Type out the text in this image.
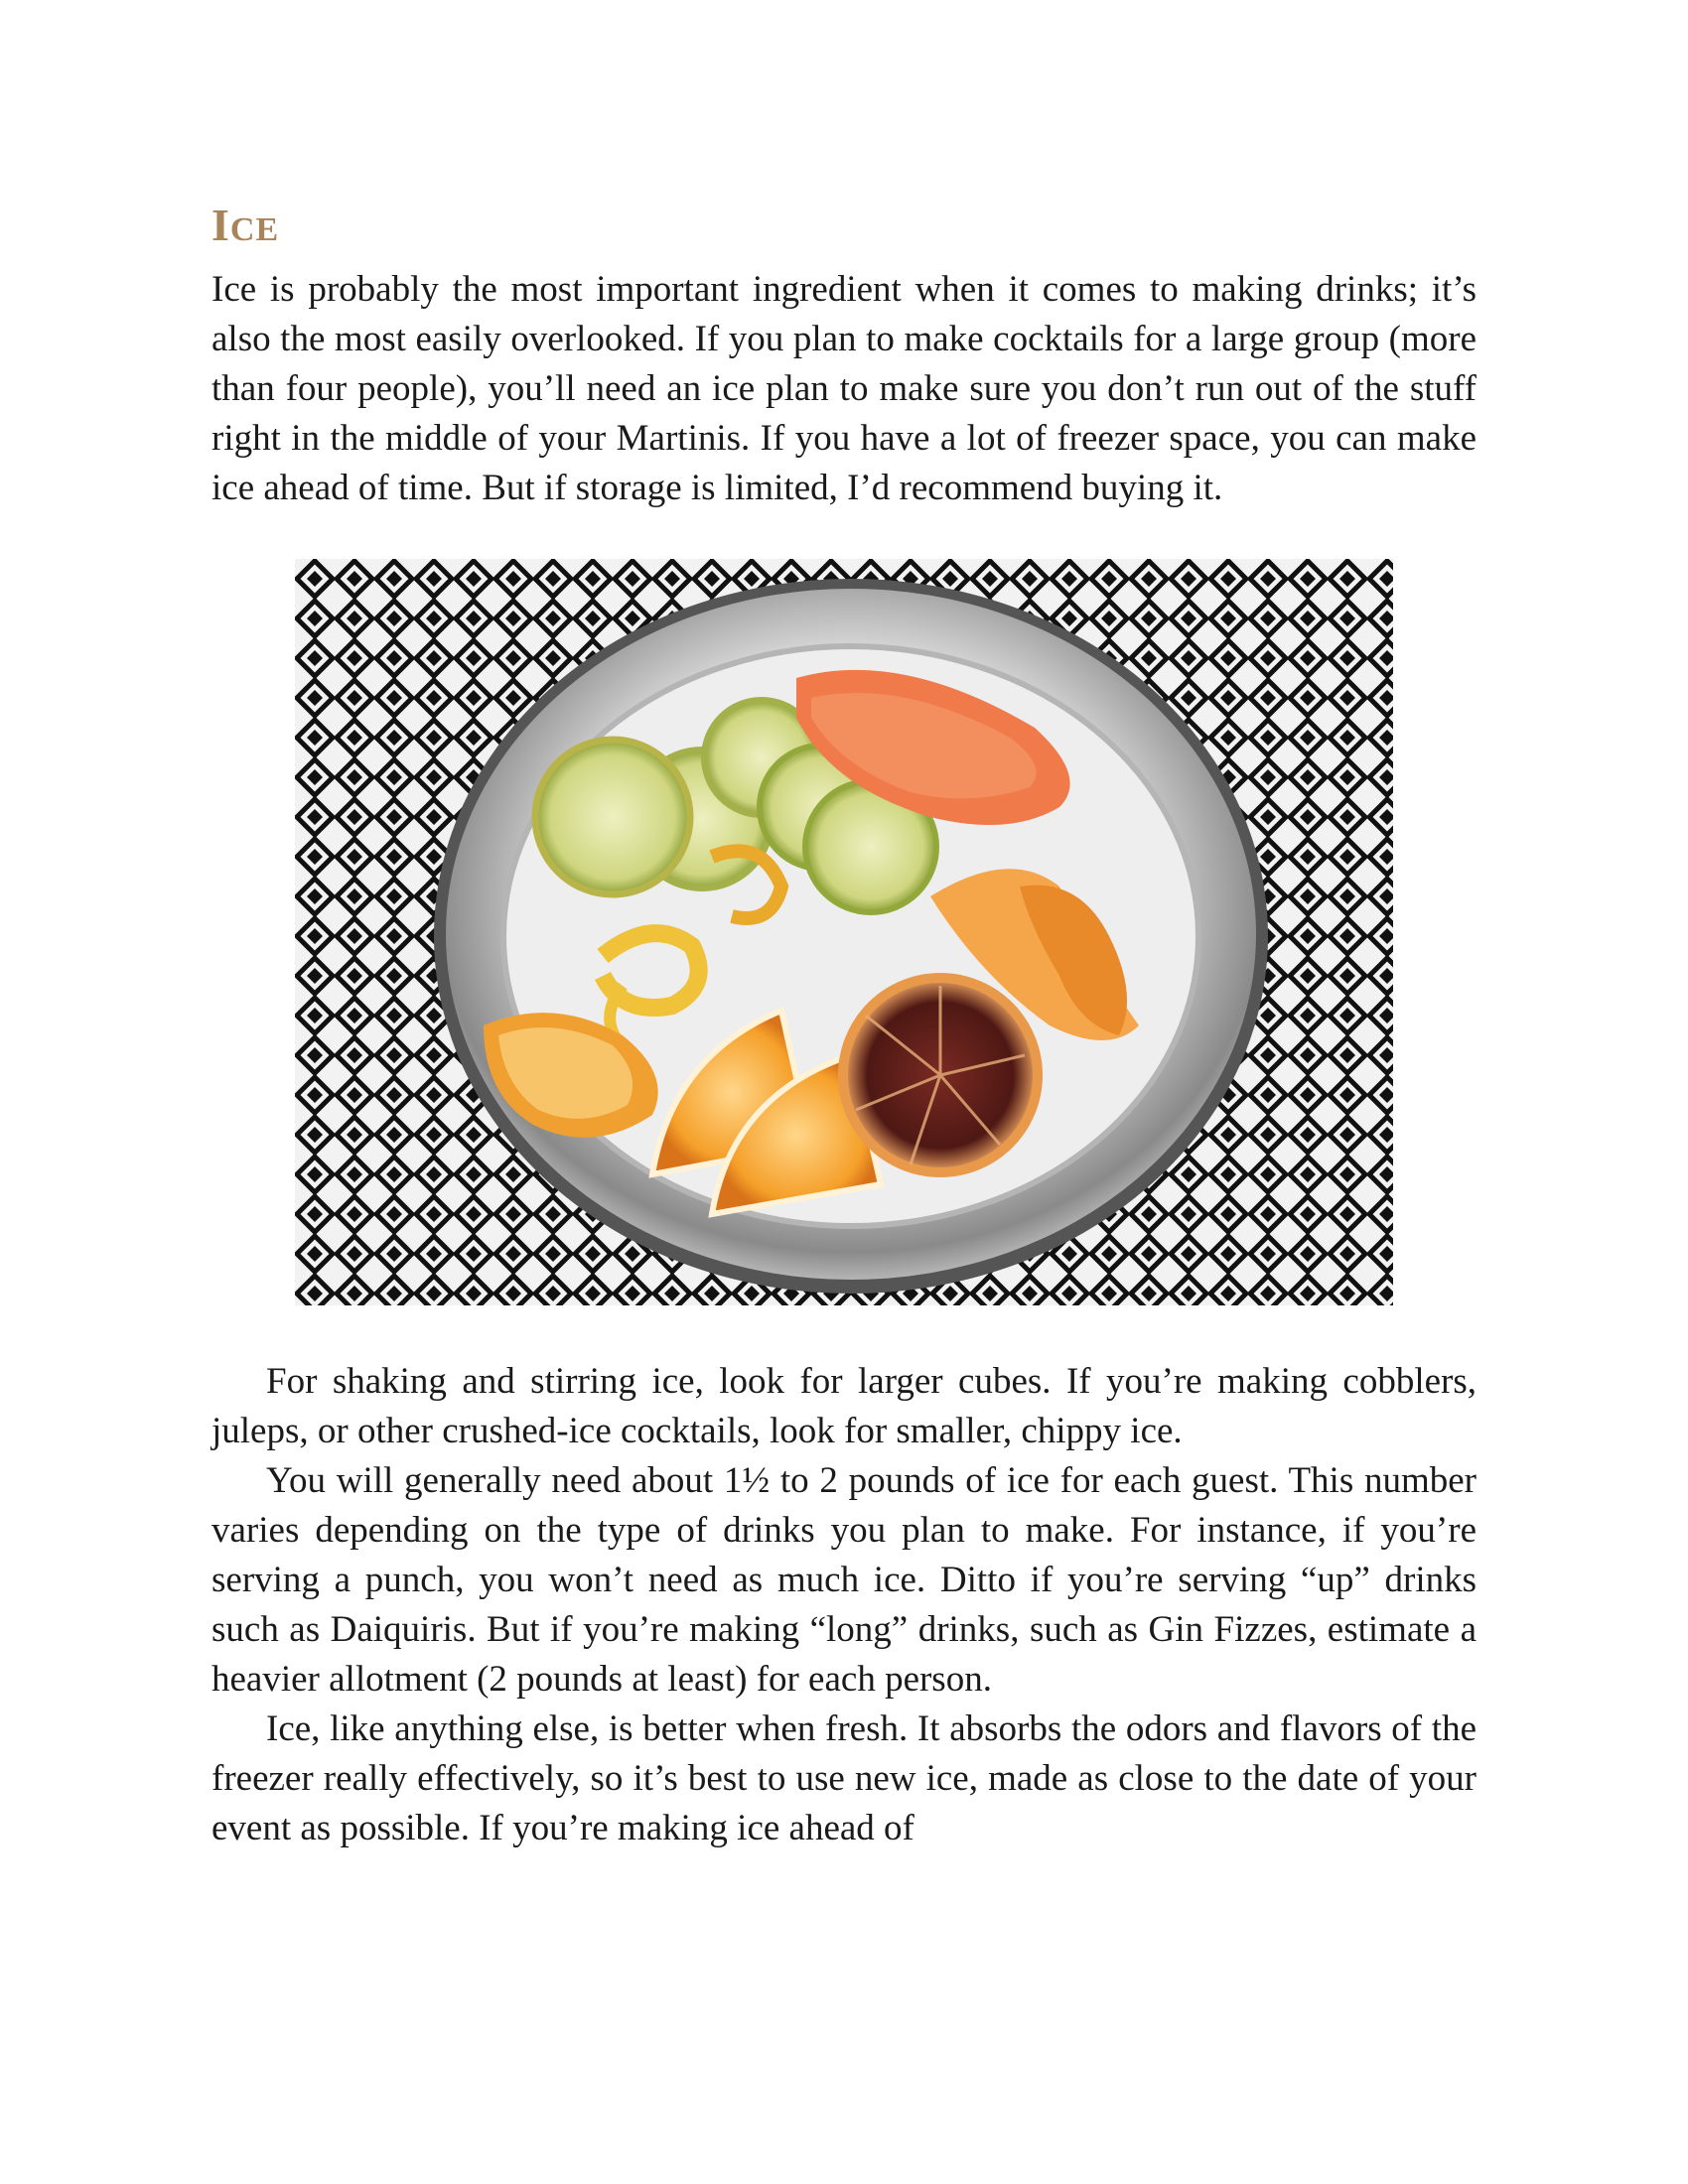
ICE

Ice is probably the most important ingredient when it comes to making drinks; it’s also the most easily overlooked. If you plan to make cocktails for a large group (more than four people), you’ll need an ice plan to make sure you don’t run out of the stuff right in the middle of your Martinis. If you have a lot of freezer space, you can make ice ahead of time. But if storage is limited, I’d recommend buying it.

For shaking and stirring ice, look for larger cubes. If you’re making cobblers, juleps, or other crushed-ice cocktails, look for smaller, chippy ice.

You will generally need about 1½ to 2 pounds of ice for each guest. This number varies depending on the type of drinks you plan to make. For instance, if you’re serving a punch, you won’t need as much ice. Ditto if you’re serving “up” drinks such as Daiquiris. But if you’re making “long” drinks, such as Gin Fizzes, estimate a heavier allotment (2 pounds at least) for each person.

Ice, like anything else, is better when fresh. It absorbs the odors and flavors of the freezer really effectively, so it’s best to use new ice, made as close to the date of your event as possible. If you’re making ice ahead of
